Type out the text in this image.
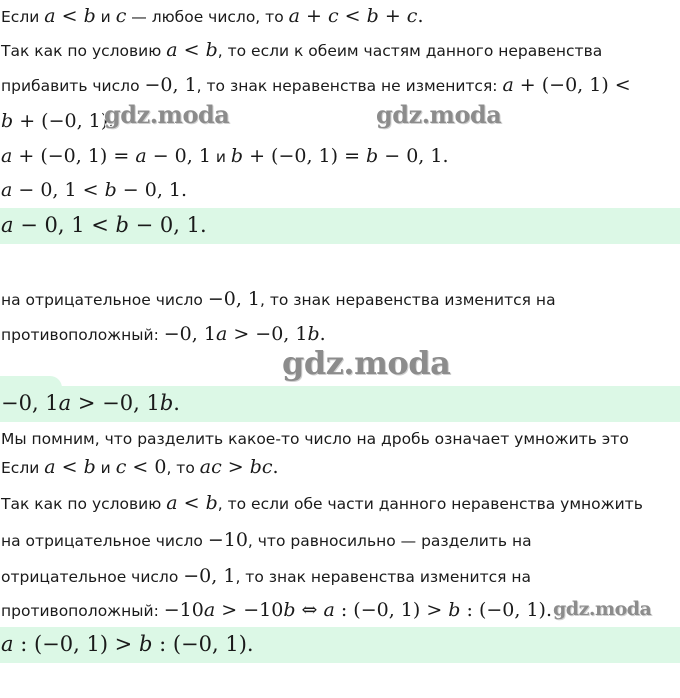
Если a < b и c — любое число, то a + c < b + c.
Так как по условию a < b, то если к обеим частям данного неравенства
прибавить число −0, 1, то знак неравенства не изменится: a + (−0, 1) <
b + (−0, 1).
a + (−0, 1) = a − 0, 1 и b + (−0, 1) = b − 0, 1.
a − 0, 1 < b − 0, 1.
a − 0, 1 < b − 0, 1.
на отрицательное число −0, 1, то знак неравенства изменится на
противоположный: −0, 1a > −0, 1b.
−0, 1a > −0, 1b.
Мы помним, что разделить какое-то число на дробь означает умножить это
Если a < b и c < 0, то ac > bc.
Так как по условию a < b, то если обе части данного неравенства умножить
на отрицательное число −10, что равносильно — разделить на
отрицательное число −0, 1, то знак неравенства изменится на
противоположный: −10a > −10b ⇔ a : (−0, 1) > b : (−0, 1).
a : (−0, 1) > b : (−0, 1).
gdz.moda	gdz.moda
gdz.moda
gdz.moda
